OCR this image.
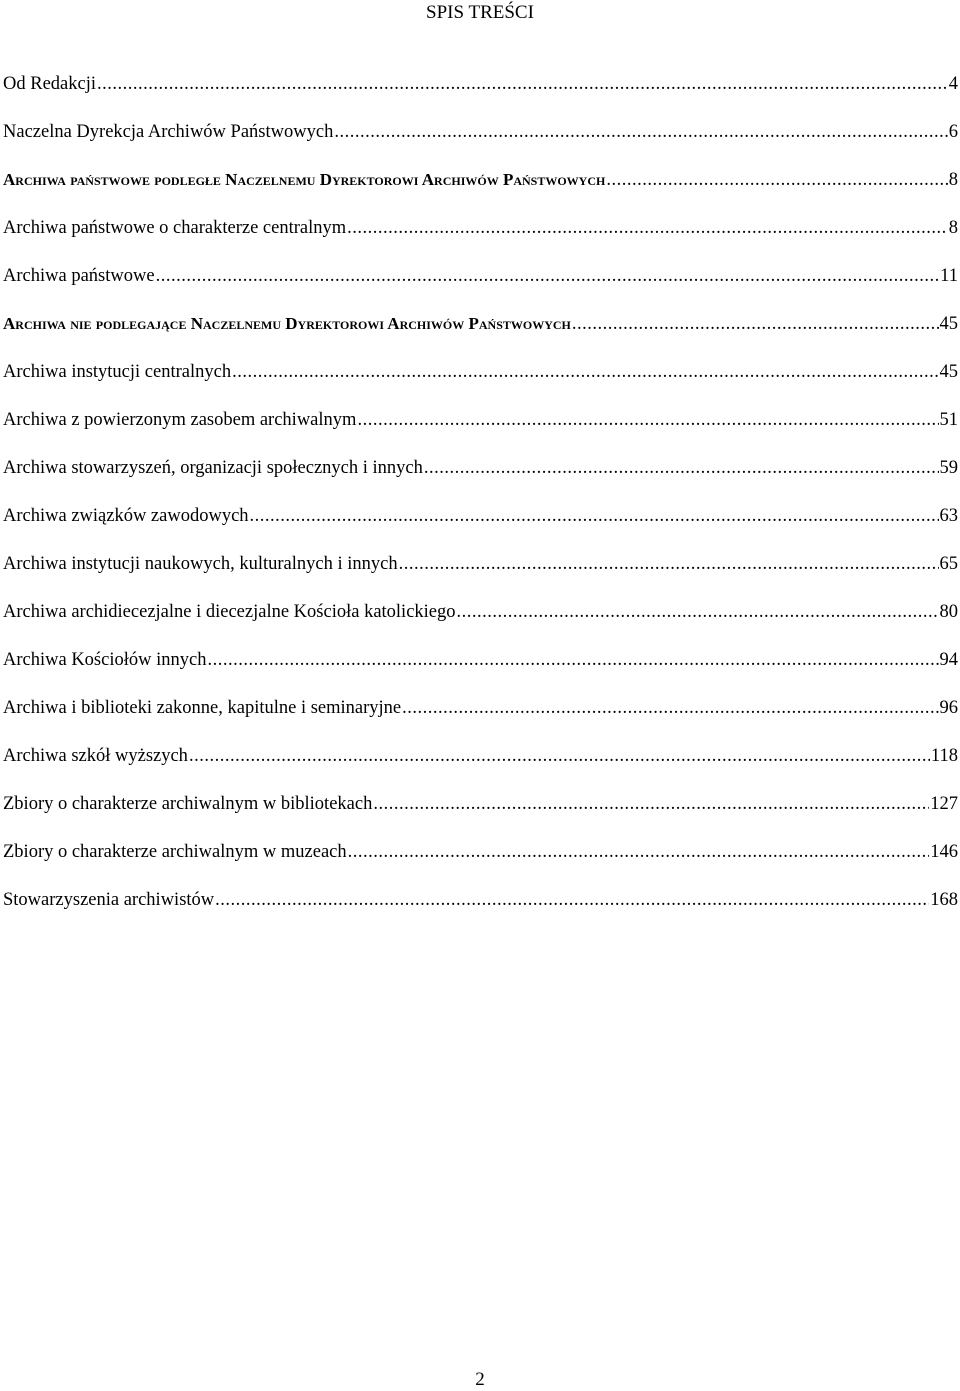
SPIS TREŚCI
Od Redakcji .....	4
Naczelna Dyrekcja Archiwów Państwowych .....	6
Archiwa państwowe podległe Naczelnemu Dyrektorowi Archiwów Państwowych .....	8
Archiwa państwowe o charakterze centralnym .....	8
Archiwa państwowe .....	11
Archiwa nie podlegające Naczelnemu Dyrektorowi Archiwów Państwowych .....	45
Archiwa instytucji centralnych .....	45
Archiwa z powierzonym zasobem archiwalnym .....	51
Archiwa stowarzyszeń, organizacji społecznych i innych .....	59
Archiwa związków zawodowych .....	63
Archiwa instytucji naukowych, kulturalnych i innych .....	65
Archiwa archidiecezjalne i diecezjalne Kościoła katolickiego .....	80
Archiwa Kościołów innych .....	94
Archiwa i biblioteki zakonne, kapitulne i seminaryjne .....	96
Archiwa szkół wyższych .....	118
Zbiory o charakterze archiwalnym w bibliotekach .....	127
Zbiory o charakterze archiwalnym w muzeach .....	146
Stowarzyszenia archiwistów .....	168
2
